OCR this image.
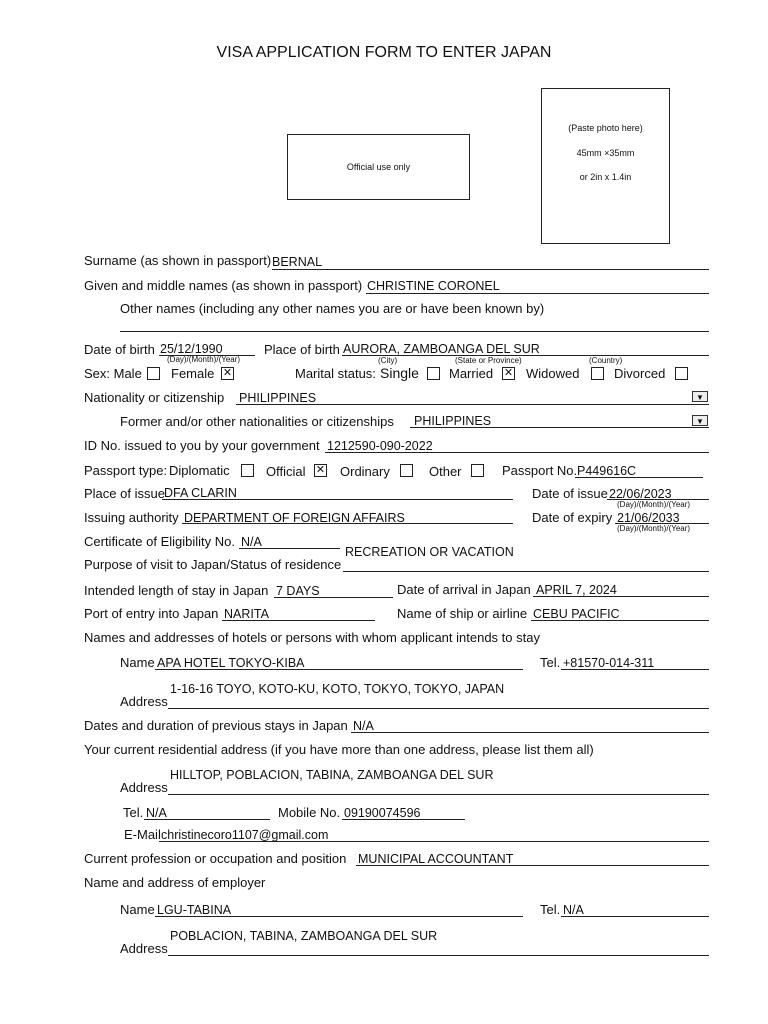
VISA APPLICATION FORM TO ENTER JAPAN
Official use only
(Paste photo here)
45mm ×35mm
or 2in x 1.4in
Surname (as shown in passport) BERNAL
Given and middle names (as shown in passport) CHRISTINE CORONEL
Other names (including any other names you are or have been known by)
Date of birth 25/12/1990
(Day)/(Month)/(Year)
Place of birth AURORA, ZAMBOANGA DEL SUR
(City)	(State or Province)	(Country)
Sex: Male Female ✕	Marital status: Single Married ✕ Widowed	Divorced
Nationality or citizenship PHILIPPINES	▼
Former and/or other nationalities or citizenships PHILIPPINES	▼
ID No. issued to you by your government 1212590-090-2022
Passport type: Diplomatic	Official ✕ Ordinary	Other	Passport No. P449616C
Place of issue DFA CLARIN	Date of issue 22/06/2023
(Day)/(Month)/(Year)
Issuing authority DEPARTMENT OF FOREIGN AFFAIRS	Date of expiry 21/06/2033
(Day)/(Month)/(Year)
Certificate of Eligibility No. N/A
RECREATION OR VACATION
Purpose of visit to Japan/Status of residence
Intended length of stay in Japan 7 DAYS	Date of arrival in Japan APRIL 7, 2024
Port of entry into Japan NARITA	Name of ship or airline CEBU PACIFIC
Names and addresses of hotels or persons with whom applicant intends to stay
Name APA HOTEL TOKYO-KIBA	Tel. +81570-014-311
1-16-16 TOYO, KOTO-KU, KOTO, TOKYO, TOKYO, JAPAN
Address
Dates and duration of previous stays in Japan N/A
Your current residential address (if you have more than one address, please list them all)
HILLTOP, POBLACION, TABINA, ZAMBOANGA DEL SUR
Address
Tel. N/A	Mobile No. 09190074596
E-Mail christinecoro1107@gmail.com
Current profession or occupation and position MUNICIPAL ACCOUNTANT
Name and address of employer
Name LGU-TABINA	Tel. N/A
POBLACION, TABINA, ZAMBOANGA DEL SUR
Address
